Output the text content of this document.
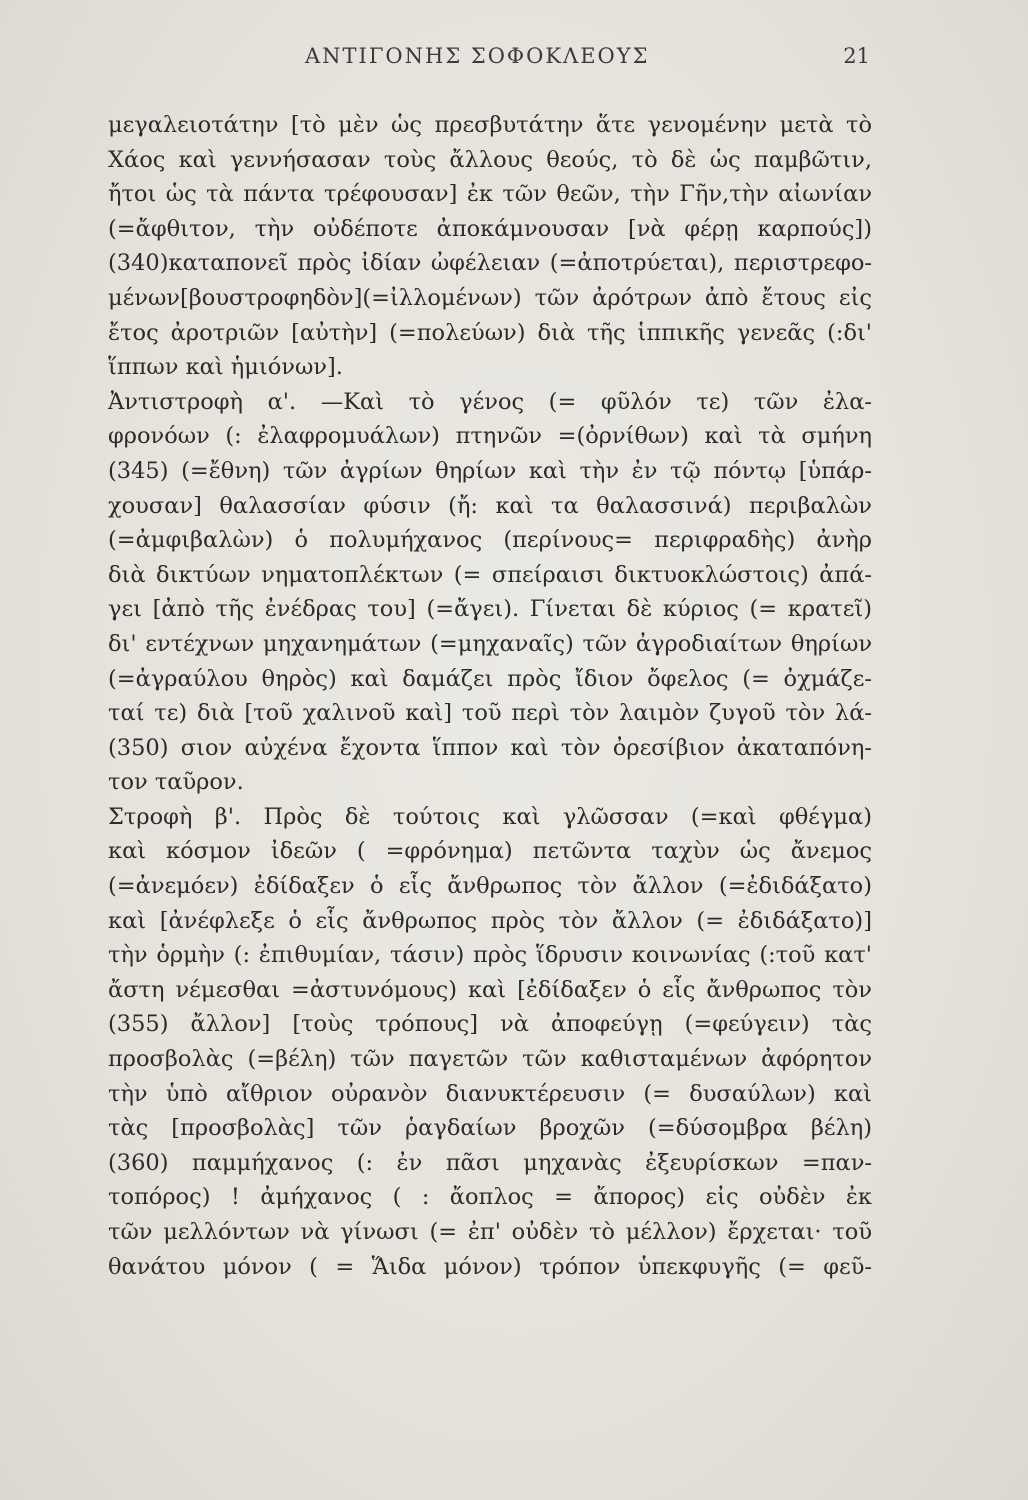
ΑΝΤΙΓΟΝΗΣ ΣΟΦΟΚΛΕΟΥΣ	21
μεγαλειοτάτην [τὸ μὲν ὡς πρεσβυτάτην ἅτε γενομένην μετὰ τὸ
Χάος καὶ γεννήσασαν τοὺς ἄλλους θεούς, τὸ δὲ ὡς παμβῶτιν,
ἤτοι ὡς τὰ πάντα τρέφουσαν] ἐκ τῶν θεῶν, τὴν Γῆν,τὴν αἰωνίαν
(=ἄφθιτον, τὴν οὐδέποτε ἀποκάμνουσαν [νὰ φέρῃ καρπούς])
(340)καταπονεῖ πρὸς ἰδίαν ὠφέλειαν (=ἀποτρύεται), περιστρεφο-
μένων[βουστροφηδὸν](=ἰλλομένων) τῶν ἀρότρων ἀπὸ ἔτους εἰς
ἔτος ἀροτριῶν [αὐτὴν] (=πολεύων) διὰ τῆς ἱππικῆς γενεᾶς (:δι'
ἵππων καὶ ἡμιόνων].
Ἀντιστροφὴ α'. —Καὶ τὸ γένος (= φῦλόν τε) τῶν ἐλα-
φρονόων (: ἐλαφρομυάλων) πτηνῶν =(ὀρνίθων) καὶ τὰ σμήνη
(345) (=ἔθνη) τῶν ἀγρίων θηρίων καὶ τὴν ἐν τῷ πόντῳ [ὑπάρ-
χουσαν] θαλασσίαν φύσιν (ἤ: καὶ τα θαλασσινά) περιβαλὼν
(=ἀμφιβαλὼν) ὁ πολυμήχανος (περίνους= περιφραδὴς) ἀνὴρ
διὰ δικτύων νηματοπλέκτων (= σπείραισι δικτυοκλώστοις) ἀπά-
γει [ἀπὸ τῆς ἐνέδρας του] (=ἄγει). Γίνεται δὲ κύριος (= κρατεῖ)
δι' εντέχνων μηχανημάτων (=μηχαναῖς) τῶν ἀγροδιαίτων θηρίων
(=ἀγραύλου θηρὸς) καὶ δαμάζει πρὸς ἴδιον ὄφελος (= ὀχμάζε-
ταί τε) διὰ [τοῦ χαλινοῦ καὶ] τοῦ περὶ τὸν λαιμὸν ζυγοῦ τὸν λά-
(350) σιον αὐχένα ἔχοντα ἵππον καὶ τὸν ὀρεσίβιον ἀκαταπόνη-
τον ταῦρον.
Στροφὴ β'. Πρὸς δὲ τούτοις καὶ γλῶσσαν (=καὶ φθέγμα)
καὶ κόσμον ἰδεῶν ( =φρόνημα) πετῶντα ταχὺν ὡς ἄνεμος
(=ἀνεμόεν) ἐδίδαξεν ὁ εἷς ἄνθρωπος τὸν ἄλλον (=ἐδιδάξατο)
καὶ [ἀνέφλεξε ὁ εἷς ἄνθρωπος πρὸς τὸν ἄλλον (= ἐδιδάξατο)]
τὴν ὁρμὴν (: ἐπιθυμίαν, τάσιν) πρὸς ἵδρυσιν κοινωνίας (:τοῦ κατ'
ἄστη νέμεσθαι =ἀστυνόμους) καὶ [ἐδίδαξεν ὁ εἷς ἄνθρωπος τὸν
(355) ἄλλον] [τοὺς τρόπους] νὰ ἀποφεύγῃ (=φεύγειν) τὰς
προσβολὰς (=βέλη) τῶν παγετῶν τῶν καθισταμένων ἀφόρητον
τὴν ὑπὸ αἴθριον οὐρανὸν διανυκτέρευσιν (= δυσαύλων) καὶ
τὰς [προσβολὰς] τῶν ῥαγδαίων βροχῶν (=δύσομβρα βέλη)
(360) παμμήχανος (: ἐν πᾶσι μηχανὰς ἐξευρίσκων =παν-
τοπόρος) ! ἀμήχανος ( : ἄοπλος = ἄπορος) εἰς οὐδὲν ἐκ
τῶν μελλόντων νὰ γίνωσι (= ἐπ' οὐδὲν τὸ μέλλον) ἔρχεται· τοῦ
θανάτου μόνον ( = Ἅιδα μόνον) τρόπον ὑπεκφυγῆς (= φεῦ-
